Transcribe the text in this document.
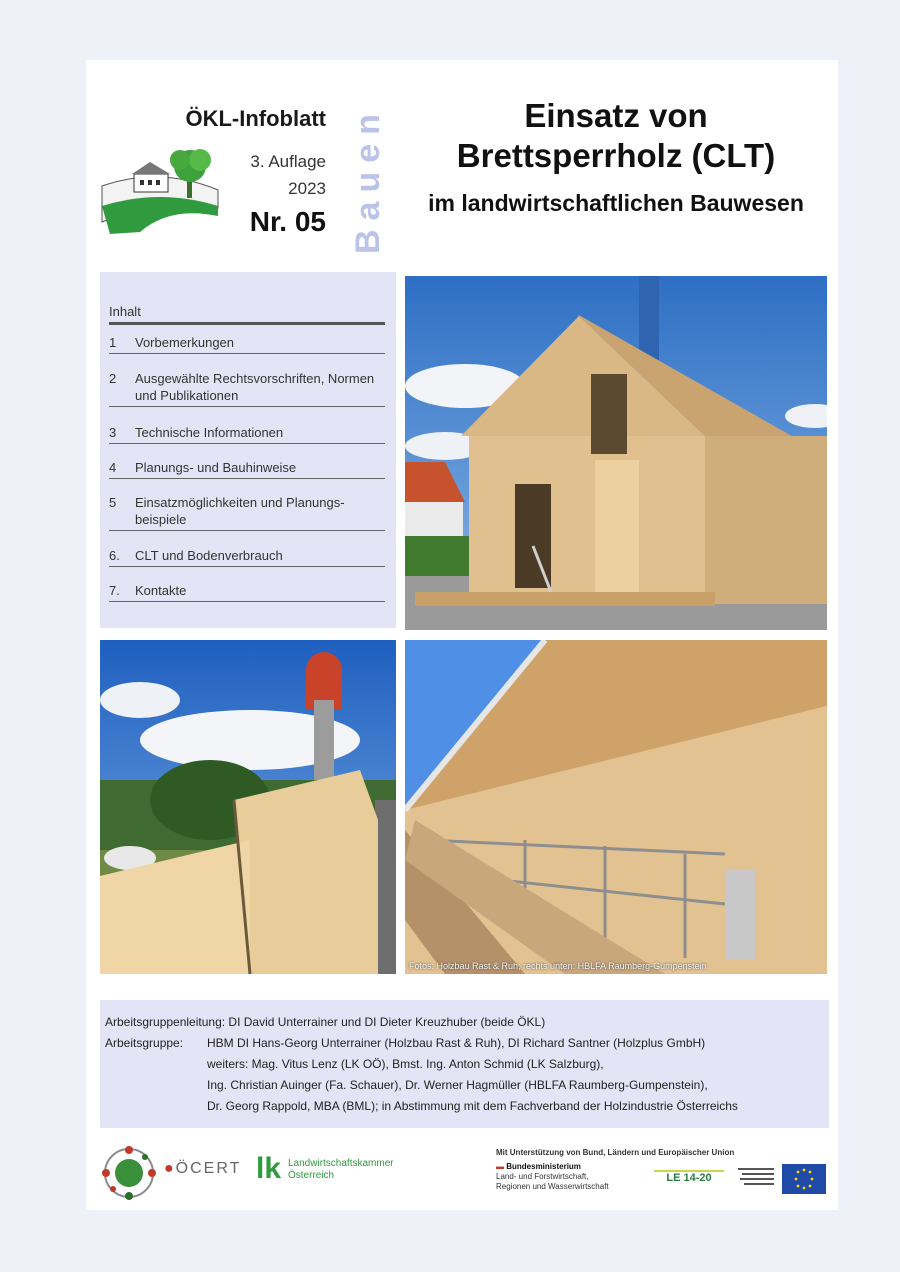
ÖKL-Infoblatt
3. Auflage
2023
Nr. 05 Bauen	Einsatz von Brettsperrholz (CLT)
im landwirtschaftlichen Bauwesen
Inhalt
1	Vorbemerkungen
2	Ausgewählte Rechtsvorschriften, Normen und Publikationen
3	Technische Informationen
4	Planungs- und Bauhinweise
5	Einsatzmöglichkeiten und Planungs-beispiele
6.	CLT und Bodenverbrauch
7.	Kontakte
Fotos: Holzbau Rast & Ruh; rechts unten: HBLFA Raumberg-Gumpenstein
Arbeitsgruppenleitung: DI David Unterrainer und DI Dieter Kreuzhuber (beide ÖKL)
Arbeitsgruppe: HBM DI Hans-Georg Unterrainer (Holzbau Rast & Ruh), DI Richard Santner (Holzplus GmbH)
weiters: Mag. Vitus Lenz (LK OÖ), Bmst. Ing. Anton Schmid (LK Salzburg),
Ing. Christian Auinger (Fa. Schauer), Dr. Werner Hagmüller (HBLFA Raumberg-Gumpenstein),
Dr. Georg Rappold, MBA (BML); in Abstimmung mit dem Fachverband der Holzindustrie Österreichs
●ÖCERT lk Landwirtschaftskammer
Österreich
Mit Unterstützung von Bund, Ländern und Europäischer Union
▬ Bundesministerium
Land- und Forstwirtschaft,
Regionen und Wasserwirtschaft
LE 14-20
